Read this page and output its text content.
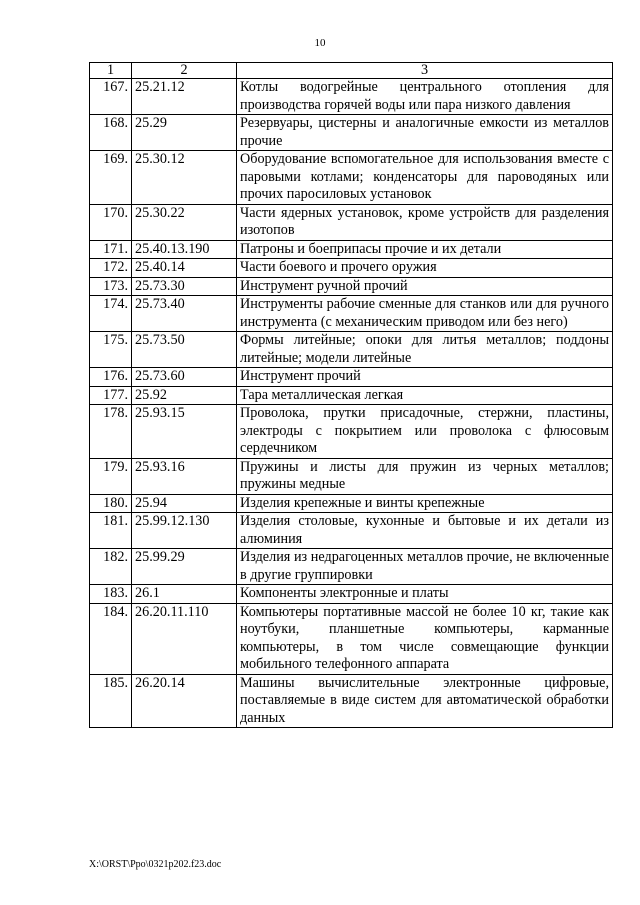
10
1	2	3
167.	25.21.12	Котлы водогрейные центрального отопления для производства горячей воды или пара низкого давления
168.	25.29	Резервуары, цистерны и аналогичные емкости из металлов прочие
169.	25.30.12	Оборудование вспомогательное для использования вместе с паровыми котлами; конденсаторы для пароводяных или прочих паросиловых установок
170.	25.30.22	Части ядерных установок, кроме устройств для разделения изотопов
171.	25.40.13.190	Патроны и боеприпасы прочие и их детали
172.	25.40.14	Части боевого и прочего оружия
173.	25.73.30	Инструмент ручной прочий
174.	25.73.40	Инструменты рабочие сменные для станков или для ручного инструмента (с механическим приводом или без него)
175.	25.73.50	Формы литейные; опоки для литья металлов; поддоны литейные; модели литейные
176.	25.73.60	Инструмент прочий
177.	25.92	Тара металлическая легкая
178.	25.93.15	Проволока, прутки присадочные, стержни, пластины, электроды с покрытием или проволока с флюсовым сердечником
179.	25.93.16	Пружины и листы для пружин из черных металлов; пружины медные
180.	25.94	Изделия крепежные и винты крепежные
181.	25.99.12.130	Изделия столовые, кухонные и бытовые и их детали из алюминия
182.	25.99.29	Изделия из недрагоценных металлов прочие, не включенные в другие группировки
183.	26.1	Компоненты электронные и платы
184.	26.20.11.110	Компьютеры портативные массой не более 10 кг, такие как ноутбуки, планшетные компьютеры, карманные компьютеры, в том числе совмещающие функции мобильного телефонного аппарата
185.	26.20.14	Машины вычислительные электронные цифровые, поставляемые в виде систем для автоматической обработки данных
X:\ORST\Ppo\0321p202.f23.doc
